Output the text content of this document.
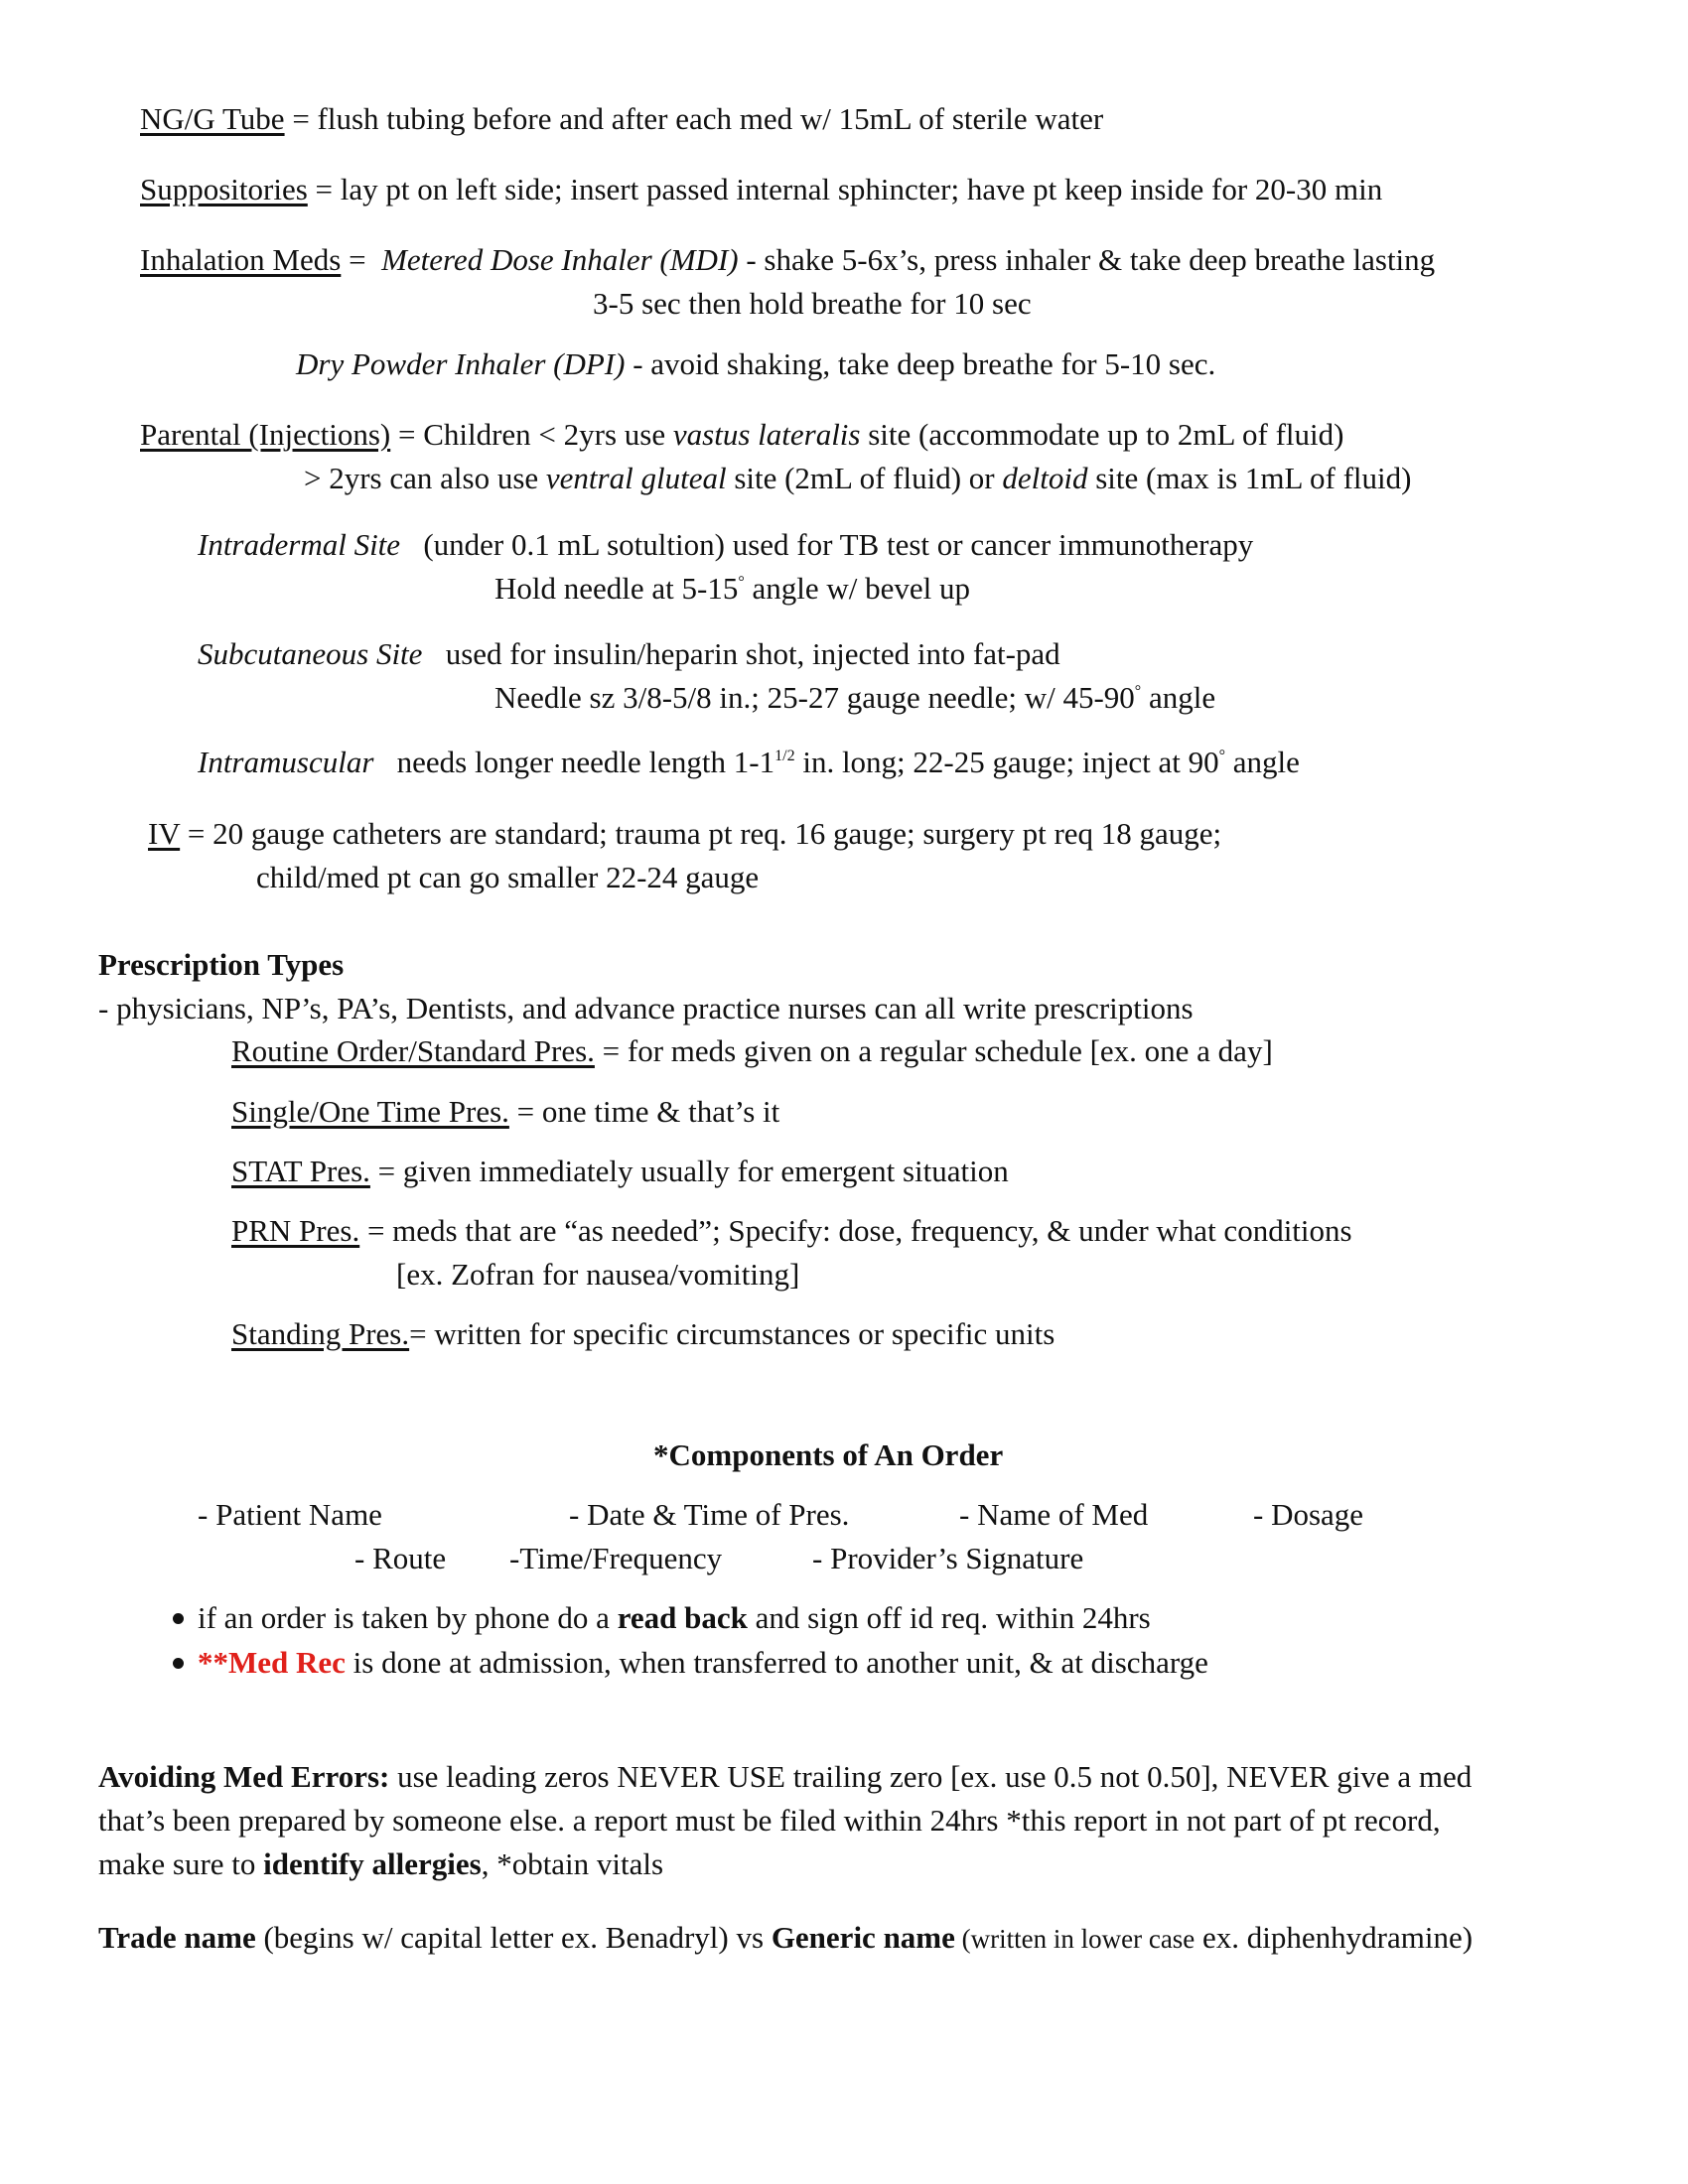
NG/G Tube = flush tubing before and after each med w/ 15mL of sterile water
Suppositories = lay pt on left side; insert passed internal sphincter; have pt keep inside for 20-30 min
Inhalation Meds =  Metered Dose Inhaler (MDI) - shake 5-6x’s, press inhaler & take deep breathe lasting
3-5 sec then hold breathe for 10 sec
Dry Powder Inhaler (DPI) - avoid shaking, take deep breathe for 5-10 sec.
Parental (Injections) = Children < 2yrs use vastus lateralis site (accommodate up to 2mL of fluid)
> 2yrs can also use ventral gluteal site (2mL of fluid) or deltoid site (max is 1mL of fluid)
Intradermal Site   (under 0.1 mL sotultion) used for TB test or cancer immunotherapy
Hold needle at 5-15° angle w/ bevel up
Subcutaneous Site   used for insulin/heparin shot, injected into fat-pad
Needle sz 3/8-5/8 in.; 25-27 gauge needle; w/ 45-90° angle
Intramuscular   needs longer needle length $1-1^{1/2}$ in. long; 22-25 gauge; inject at 90° angle
IV = 20 gauge catheters are standard; trauma pt req. 16 gauge; surgery pt req 18 gauge;
child/med pt can go smaller 22-24 gauge
Prescription Types
- physicians, NP’s, PA’s, Dentists, and advance practice nurses can all write prescriptions
Routine Order/Standard Pres. = for meds given on a regular schedule [ex. one a day]
Single/One Time Pres. = one time & that’s it
STAT Pres. = given immediately usually for emergent situation
PRN Pres. = meds that are “as needed”; Specify: dose, frequency, & under what conditions
[ex. Zofran for nausea/vomiting]
Standing Pres.= written for specific circumstances or specific units
*Components of An Order
- Patient Name	- Date & Time of Pres.	- Name of Med	- Dosage
- Route -Time/Frequency	- Provider’s Signature
if an order is taken by phone do a read back and sign off id req. within 24hrs
**Med Rec is done at admission, when transferred to another unit, & at discharge
Avoiding Med Errors: use leading zeros NEVER USE trailing zero [ex. use 0.5 not 0.50], NEVER give a med
that’s been prepared by someone else. a report must be filed within 24hrs *this report in not part of pt record,
make sure to identify allergies, *obtain vitals
Trade name (begins w/ capital letter ex. Benadryl) vs Generic name (written in lower case ex. diphenhydramine)
